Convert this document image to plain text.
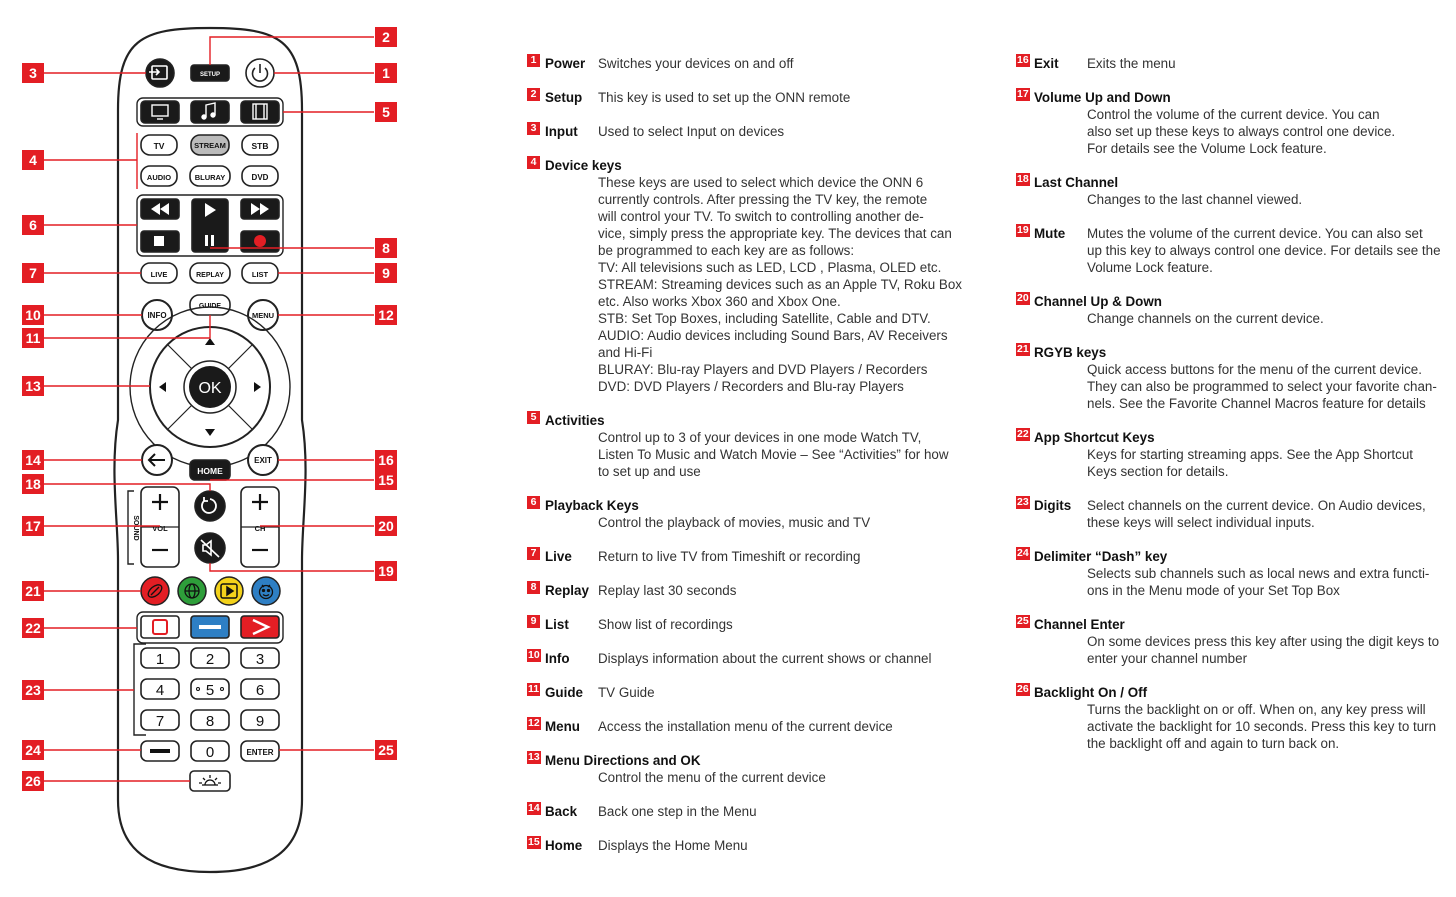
SETUP
TV	STREAM	STB
AUDIO	BLURAY	DVD
LIVE	REPLAY	LIST
INFO
GUIDE
MENU
OK
HOME
EXIT
SOUND VOL	CH
1	2	3
4	5	6
7	8	9
0	ENTER
3
2
1
5
4
6
8
7	9
10	12
11
13
14	16
15
18
17	20
19
21
22
23
24	25
26
1 Power Switches your devices on and off
2 Setup This key is used to set up the ONN remote
3 Input Used to select Input on devices
4 Device keys
These keys are used to select which device the ONN 6
currently controls. After pressing the TV key, the remote
will control your TV. To switch to controlling another de-
vice, simply press the appropriate key. The devices that can
be programmed to each key are as follows:
TV: All televisions such as LED, LCD , Plasma, OLED etc.
STREAM: Streaming devices such as an Apple TV, Roku Box
etc. Also works Xbox 360 and Xbox One.
STB: Set Top Boxes, including Satellite, Cable and DTV.
AUDIO: Audio devices including Sound Bars, AV Receivers
and Hi-Fi
BLURAY: Blu-ray Players and DVD Players / Recorders
DVD: DVD Players / Recorders and Blu-ray Players
5 Activities
Control up to 3 of your devices in one mode Watch TV,
Listen To Music and Watch Movie – See “Activities” for how
to set up and use
6 Playback Keys
Control the playback of movies, music and TV
7 Live Return to live TV from Timeshift or recording
8 Replay Replay last 30 seconds
9 List Show list of recordings
10 Info Displays information about the current shows or channel
11 Guide TV Guide
12 Menu Access the installation menu of the current device
13 Menu Directions and OK
Control the menu of the current device
14 Back Back one step in the Menu
15 Home Displays the Home Menu
16 Exit Exits the menu
17 Volume Up and Down
Control the volume of the current device. You can
also set up these keys to always control one device.
For details see the Volume Lock feature.
18 Last Channel
Changes to the last channel viewed.
19 Mute Mutes the volume of the current device. You can also set
up this key to always control one device. For details see the
Volume Lock feature.
20 Channel Up & Down
Change channels on the current device.
21 RGYB keys
Quick access buttons for the menu of the current device.
They can also be programmed to select your favorite chan-
nels. See the Favorite Channel Macros feature for details
22 App Shortcut Keys
Keys for starting streaming apps. See the App Shortcut
Keys section for details.
23 Digits Select channels on the current device. On Audio devices,
these keys will select individual inputs.
24 Delimiter “Dash” key
Selects sub channels such as local news and extra functi-
ons in the Menu mode of your Set Top Box
25 Channel Enter
On some devices press this key after using the digit keys to
enter your channel number
26 Backlight On / Off
Turns the backlight on or off. When on, any key press will
activate the backlight for 10 seconds. Press this key to turn
the backlight off and again to turn back on.
